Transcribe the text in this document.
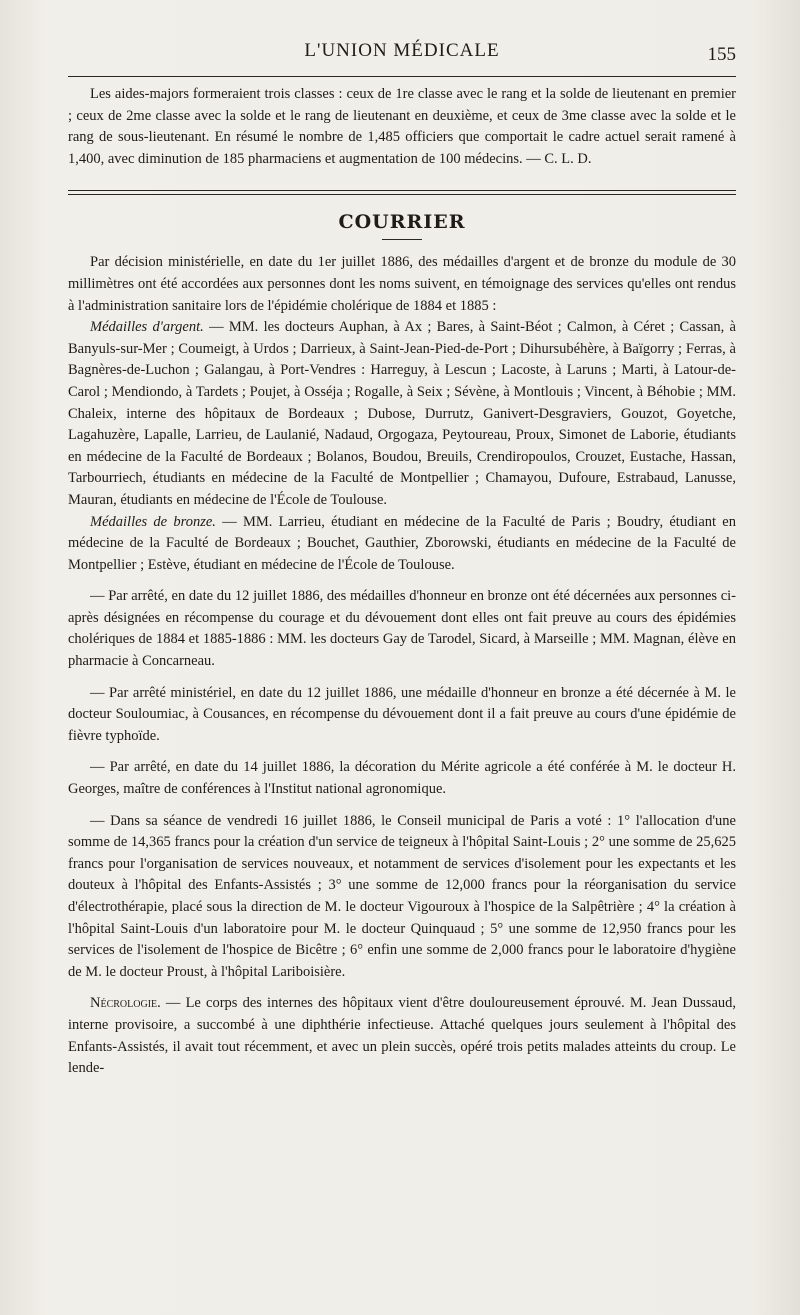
L'UNION MÉDICALE	155

Les aides-majors formeraient trois classes : ceux de 1re classe avec le rang et la solde de lieutenant en premier ; ceux de 2me classe avec la solde et le rang de lieutenant en deuxième, et ceux de 3me classe avec la solde et le rang de sous-lieutenant. En résumé le nombre de 1,485 officiers que comportait le cadre actuel serait ramené à 1,400, avec diminution de 185 pharmaciens et augmentation de 100 médecins. — C. L. D.

COURRIER

Par décision ministérielle, en date du 1er juillet 1886, des médailles d'argent et de bronze du module de 30 millimètres ont été accordées aux personnes dont les noms suivent, en témoignage des services qu'elles ont rendus à l'administration sanitaire lors de l'épidémie cholérique de 1884 et 1885 :

Médailles d'argent. — MM. les docteurs Auphan, à Ax ; Bares, à Saint-Béot ; Calmon, à Céret ; Cassan, à Banyuls-sur-Mer ; Coumeigt, à Urdos ; Darrieux, à Saint-Jean-Pied-de-Port ; Dihursubéhère, à Baïgorry ; Ferras, à Bagnères-de-Luchon ; Galangau, à Port-Vendres : Harreguy, à Lescun ; Lacoste, à Laruns ; Marti, à Latour-de-Carol ; Mendiondo, à Tardets ; Poujet, à Osséja ; Rogalle, à Seix ; Sévène, à Montlouis ; Vincent, à Béhobie ; MM. Chaleix, interne des hôpitaux de Bordeaux ; Dubose, Durrutz, Ganivert-Desgraviers, Gouzot, Goyetche, Lagahuzère, Lapalle, Larrieu, de Laulanié, Nadaud, Orgogaza, Peytoureau, Proux, Simonet de Laborie, étudiants en médecine de la Faculté de Bordeaux ; Bolanos, Boudou, Breuils, Crendiropoulos, Crouzet, Eustache, Hassan, Tarbourriech, étudiants en médecine de la Faculté de Montpellier ; Chamayou, Dufoure, Estrabaud, Lanusse, Mauran, étudiants en médecine de l'École de Toulouse.

Médailles de bronze. — MM. Larrieu, étudiant en médecine de la Faculté de Paris ; Boudry, étudiant en médecine de la Faculté de Bordeaux ; Bouchet, Gauthier, Zborowski, étudiants en médecine de la Faculté de Montpellier ; Estève, étudiant en médecine de l'École de Toulouse.

— Par arrêté, en date du 12 juillet 1886, des médailles d'honneur en bronze ont été décernées aux personnes ci-après désignées en récompense du courage et du dévouement dont elles ont fait preuve au cours des épidémies cholériques de 1884 et 1885-1886 : MM. les docteurs Gay de Tarodel, Sicard, à Marseille ; MM. Magnan, élève en pharmacie à Concarneau.

— Par arrêté ministériel, en date du 12 juillet 1886, une médaille d'honneur en bronze a été décernée à M. le docteur Souloumiac, à Cousances, en récompense du dévouement dont il a fait preuve au cours d'une épidémie de fièvre typhoïde.

— Par arrêté, en date du 14 juillet 1886, la décoration du Mérite agricole a été conférée à M. le docteur H. Georges, maître de conférences à l'Institut national agronomique.

— Dans sa séance de vendredi 16 juillet 1886, le Conseil municipal de Paris a voté : 1° l'allocation d'une somme de 14,365 francs pour la création d'un service de teigneux à l'hôpital Saint-Louis ; 2° une somme de 25,625 francs pour l'organisation de services nouveaux, et notamment de services d'isolement pour les expectants et les douteux à l'hôpital des Enfants-Assistés ; 3° une somme de 12,000 francs pour la réorganisation du service d'électrothérapie, placé sous la direction de M. le docteur Vigouroux à l'hospice de la Salpêtrière ; 4° la création à l'hôpital Saint-Louis d'un laboratoire pour M. le docteur Quinquaud ; 5° une somme de 12,950 francs pour les services de l'isolement de l'hospice de Bicêtre ; 6° enfin une somme de 2,000 francs pour le laboratoire d'hygiène de M. le docteur Proust, à l'hôpital Lariboisière.

Nécrologie. — Le corps des internes des hôpitaux vient d'être douloureusement éprouvé. M. Jean Dussaud, interne provisoire, a succombé à une diphthérie infectieuse. Attaché quelques jours seulement à l'hôpital des Enfants-Assistés, il avait tout récemment, et avec un plein succès, opéré trois petits malades atteints du croup. Le lende-
